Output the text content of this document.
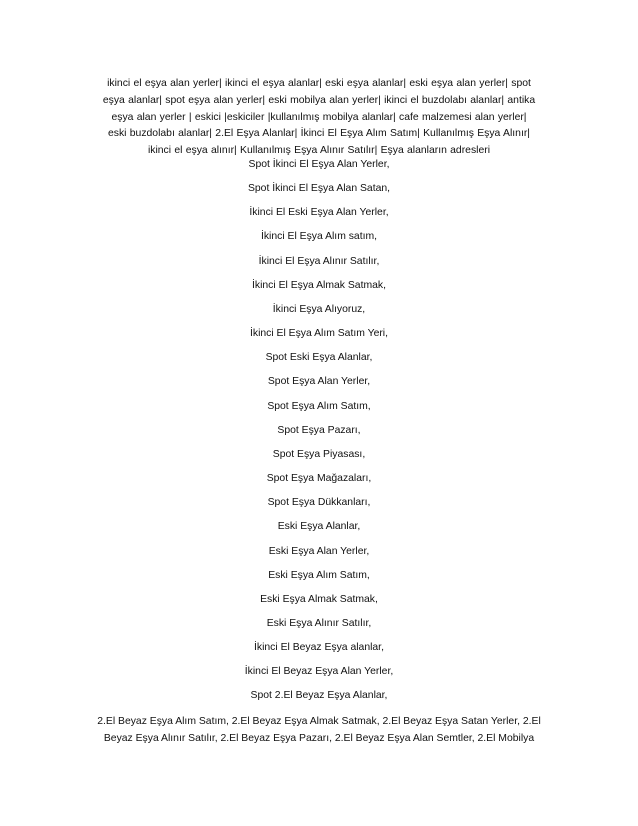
ikinci el eşya alan yerler| ikinci el eşya alanlar| eski eşya alanlar| eski eşya alan yerler| spot
eşya alanlar| spot eşya alan yerler| eski mobilya alan yerler| ikinci el buzdolabı alanlar| antika
eşya alan yerler | eskici |eskiciler |kullanılmış mobilya alanlar| cafe malzemesi alan yerler|
eski buzdolabı alanlar| 2.El Eşya Alanlar| İkinci El Eşya Alım Satım| Kullanılmış Eşya Alınır|
ikinci el eşya alınır| Kullanılmış Eşya Alınır Satılır| Eşya alanların adresleri
Spot İkinci El Eşya Alan Yerler,
Spot İkinci El Eşya Alan Satan,
İkinci El Eski Eşya Alan Yerler,
İkinci El Eşya Alım satım,
İkinci El Eşya Alınır Satılır,
İkinci El Eşya Almak Satmak,
İkinci Eşya Alıyoruz,
İkinci El Eşya Alım Satım Yeri,
Spot Eski Eşya Alanlar,
Spot Eşya Alan Yerler,
Spot Eşya Alım Satım,
Spot Eşya Pazarı,
Spot Eşya Piyasası,
Spot Eşya Mağazaları,
Spot Eşya Dükkanları,
Eski Eşya Alanlar,
Eski Eşya Alan Yerler,
Eski Eşya Alım Satım,
Eski Eşya Almak Satmak,
Eski Eşya Alınır Satılır,
İkinci El Beyaz Eşya alanlar,
İkinci El Beyaz Eşya Alan Yerler,
Spot 2.El Beyaz Eşya Alanlar,
2.El Beyaz Eşya Alım Satım, 2.El Beyaz Eşya Almak Satmak, 2.El Beyaz Eşya Satan Yerler, 2.El
Beyaz Eşya Alınır Satılır, 2.El Beyaz Eşya Pazarı, 2.El Beyaz Eşya Alan Semtler, 2.El Mobilya
